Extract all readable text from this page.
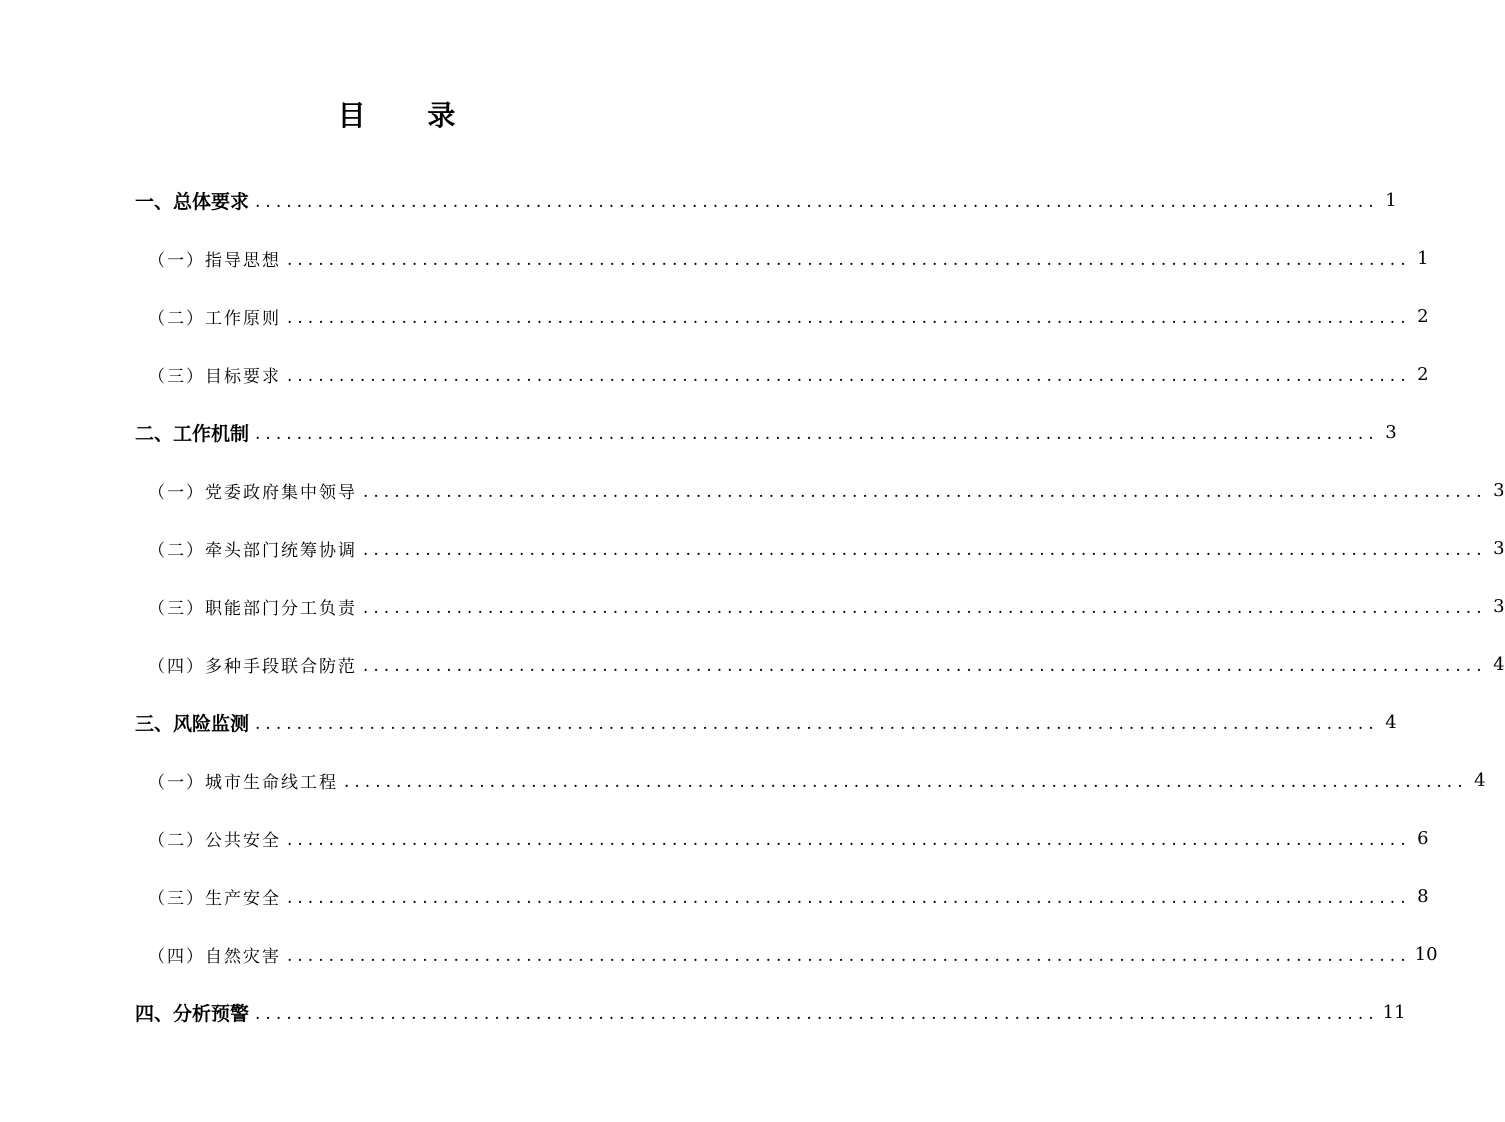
目 录
一、总体要求 ............................................................................................................ 1
（一）指导思想 ............................................................................................................ 1
（二）工作原则 ............................................................................................................ 2
（三）目标要求 ............................................................................................................ 2
二、工作机制 ............................................................................................................ 3
（一）党委政府集中领导 ............................................................................................................ 3
（二）牵头部门统筹协调 ............................................................................................................ 3
（三）职能部门分工负责 ............................................................................................................ 3
（四）多种手段联合防范 ............................................................................................................ 4
三、风险监测 ............................................................................................................ 4
（一）城市生命线工程 ............................................................................................................ 4
（二）公共安全 ............................................................................................................ 6
（三）生产安全 ............................................................................................................ 8
（四）自然灾害 ............................................................................................................ 10
四、分析预警 ............................................................................................................ 11
